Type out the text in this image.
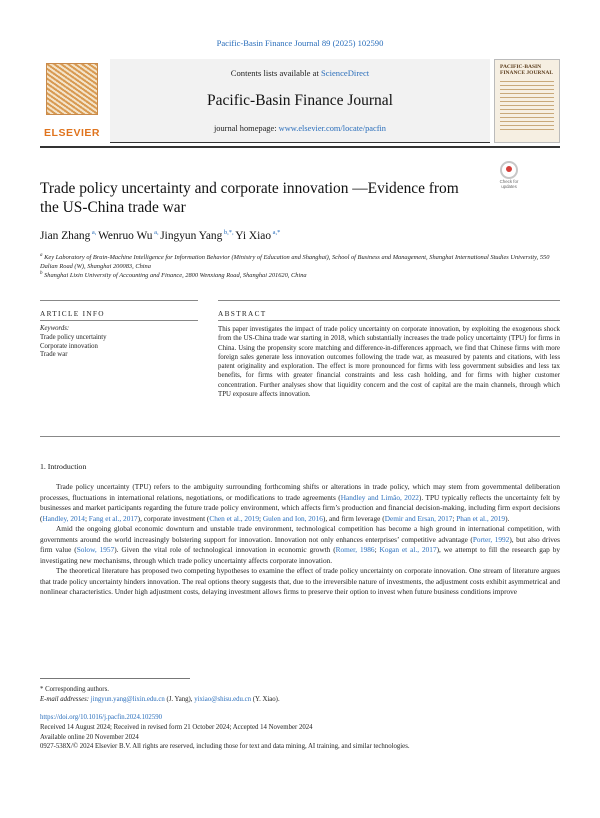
Pacific-Basin Finance Journal 89 (2025) 102590
ELSEVIER
Contents lists available at ScienceDirect
Pacific-Basin Finance Journal
journal homepage: www.elsevier.com/locate/pacfin
PACIFIC-BASIN FINANCE JOURNAL
Check for updates
Trade policy uncertainty and corporate innovation —Evidence from the US-China trade war
Jian Zhang $^{a,}$ Wenruo Wu $^{a,}$ Jingyun Yang $^{b,*,}$ Yi Xiao $^{a,*}$
$^a$ Key Laboratory of Brain-Machine Intelligence for Information Behavior (Ministry of Education and Shanghai), School of Business and Management, Shanghai International Studies University, 550 Dalian Road (W), Shanghai 200083, China
$^b$ Shanghai Lixin University of Accounting and Finance, 2800 Wenxiang Road, Shanghai 201620, China
ARTICLE INFO	ABSTRACT
Keywords:
Trade policy uncertainty
Corporate innovation
Trade war
This paper investigates the impact of trade policy uncertainty on corporate innovation, by exploiting the exogenous shock from the US-China trade war starting in 2018, which substantially increases the trade policy uncertainty (TPU) for firms in China. Using the propensity score matching and difference-in-differences approach, we find that Chinese firms with more foreign sales generate less innovation outcomes following the trade war, as measured by patents and citations, with less patent originality and exploration. The effect is more pronounced for firms with less government subsidies and less tax benefits, for firms with greater financial constraints and less cash holding, and for firms with higher customer concentration. Further analyses show that liquidity concern and the cost of capital are the main channels, through which TPU exposure affects innovation.
1. Introduction

Trade policy uncertainty (TPU) refers to the ambiguity surrounding forthcoming shifts or alterations in trade policy, which may stem from governmental deliberation processes, fluctuations in international relations, negotiations, or modifications to trade agreements (Handley and Limão, 2022). TPU typically reflects the uncertainty felt by businesses and market participants regarding the future trade policy environment, which affects firm’s production and financial decision-making, including firm export decisions (Handley, 2014; Fang et al., 2017), corporate investment (Chen et al., 2019; Gulen and Ion, 2016), and firm leverage (Demir and Ersan, 2017; Phan et al., 2019).

Amid the ongoing global economic downturn and unstable trade environment, technological competition has become a high ground in international competition, with governments around the world increasingly bolstering support for innovation. Innovation not only enhances enterprises’ competitive advantage (Porter, 1992), but also drives firm value (Solow, 1957). Given the vital role of technological innovation in economic growth (Romer, 1986; Kogan et al., 2017), we attempt to fill the research gap by investigating new mechanisms, through which trade policy uncertainty affects corporate innovation.

The theoretical literature has proposed two competing hypotheses to examine the effect of trade policy uncertainty on corporate innovation. One stream of literature argues that trade policy uncertainty hinders innovation. The real options theory suggests that, due to the irreversible nature of investments, the adjustment costs exhibit asymmetrical and nonlinear characteristics. Under high adjustment costs, delaying investment allows firms to preserve their option to invest when future business conditions improve

* Corresponding authors.
E-mail addresses: jingyun.yang@lixin.edu.cn (J. Yang), yixiao@shisu.edu.cn (Y. Xiao).
https://doi.org/10.1016/j.pacfin.2024.102590
Received 14 August 2024; Received in revised form 21 October 2024; Accepted 14 November 2024
Available online 20 November 2024
0927-538X/© 2024 Elsevier B.V. All rights are reserved, including those for text and data mining, AI training, and similar technologies.
